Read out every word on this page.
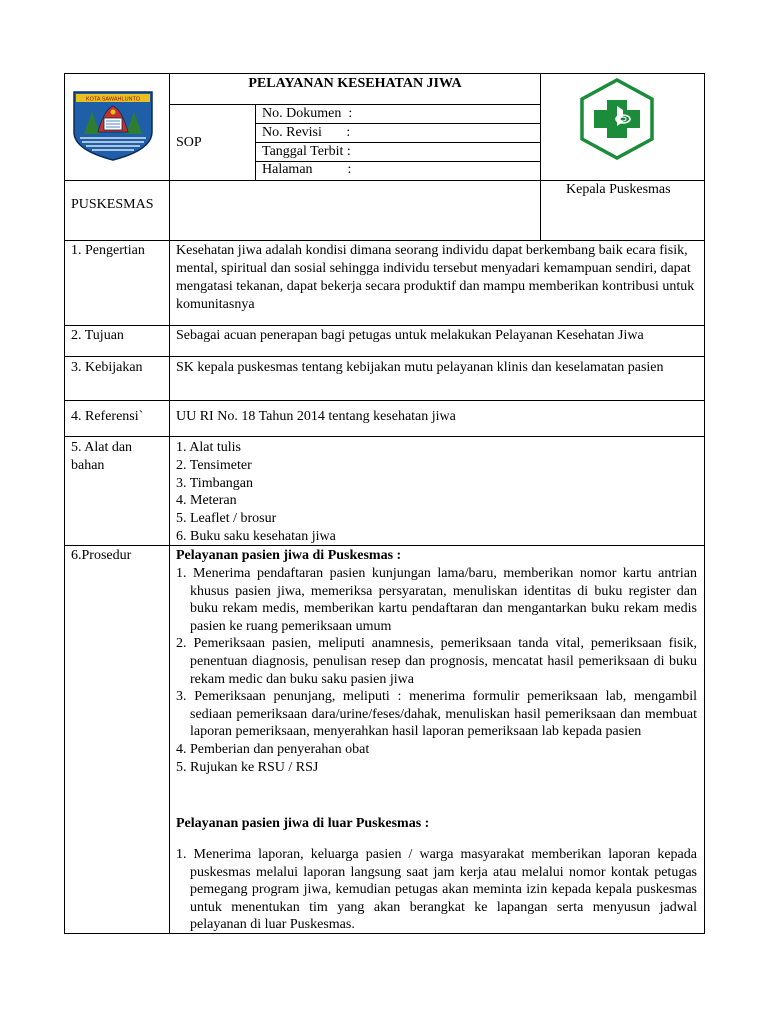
KOTA SAWAHLUNTO
PELAYANAN KESEHATAN JIWA
SOP
No. Dokumen  :
No. Revisi       :
Tanggal Terbit :
Halaman          :
PUSKESMAS
Kepala Puskesmas
1. Pengertian Kesehatan jiwa adalah kondisi dimana seorang individu dapat berkembang baik ecara fisik, mental, spiritual dan sosial sehingga individu tersebut menyadari kemampuan sendiri, dapat mengatasi tekanan, dapat bekerja secara produktif dan mampu memberikan kontribusi untuk komunitasnya
2. Tujuan	Sebagai acuan penerapan bagi petugas untuk melakukan Pelayanan Kesehatan Jiwa
3. Kebijakan SK kepala puskesmas tentang kebijakan mutu pelayanan klinis dan keselamatan pasien
4. Referensi` UU RI No. 18 Tahun 2014 tentang kesehatan jiwa
5. Alat dan
bahan
1. Alat tulis
2. Tensimeter
3. Timbangan
4. Meteran
5. Leaflet / brosur
6. Buku saku kesehatan jiwa
6.Prosedur	Pelayanan pasien jiwa di Puskesmas :
1. Menerima pendaftaran pasien kunjungan lama/baru, memberikan nomor kartu antrian khusus pasien jiwa, memeriksa persyaratan, menuliskan identitas di buku register dan buku rekam medis, memberikan kartu pendaftaran dan mengantarkan buku rekam medis pasien ke ruang pemeriksaan umum
2. Pemeriksaan pasien, meliputi anamnesis, pemeriksaan tanda vital, pemeriksaan fisik, penentuan diagnosis, penulisan resep dan prognosis, mencatat hasil pemeriksaan di buku rekam medic dan buku saku pasien jiwa
3. Pemeriksaan penunjang, meliputi : menerima formulir pemeriksaan lab, mengambil sediaan pemeriksaan dara/urine/feses/dahak, menuliskan hasil pemeriksaan dan membuat laporan pemeriksaan, menyerahkan hasil laporan pemeriksaan lab kepada pasien
4. Pemberian dan penyerahan obat
5. Rujukan ke RSU / RSJ
Pelayanan pasien jiwa di luar Puskesmas :
1. Menerima laporan, keluarga pasien / warga masyarakat memberikan laporan kepada puskesmas melalui laporan langsung saat jam kerja atau melalui nomor kontak petugas pemegang program jiwa, kemudian petugas akan meminta izin kepada kepala puskesmas untuk menentukan tim yang akan berangkat ke lapangan serta menyusun jadwal pelayanan di luar Puskesmas.
